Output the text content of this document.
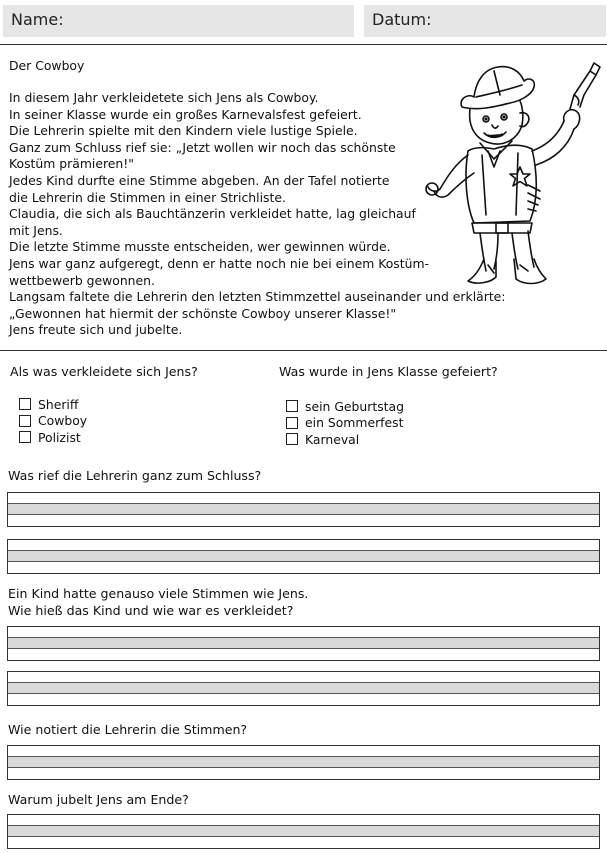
Name:	Datum:
Der Cowboy
In diesem Jahr verkleidetete sich Jens als Cowboy.
In seiner Klasse wurde ein großes Karnevalsfest gefeiert.
Die Lehrerin spielte mit den Kindern viele lustige Spiele.
Ganz zum Schluss rief sie: „Jetzt wollen wir noch das schönste
Kostüm prämieren!"
Jedes Kind durfte eine Stimme abgeben. An der Tafel notierte
die Lehrerin die Stimmen in einer Strichliste.
Claudia, die sich als Bauchtänzerin verkleidet hatte, lag gleichauf
mit Jens.
Die letzte Stimme musste entscheiden, wer gewinnen würde.
Jens war ganz aufgeregt, denn er hatte noch nie bei einem Kostüm-
wettbewerb gewonnen.
Langsam faltete die Lehrerin den letzten Stimmzettel auseinander und erklärte:
„Gewonnen hat hiermit der schönste Cowboy unserer Klasse!"
Jens freute sich und jubelte.
Als was verkleidete sich Jens?
Sheriff
Cowboy
Polizist
Was wurde in Jens Klasse gefeiert?
sein Geburtstag
ein Sommerfest
Karneval
Was rief die Lehrerin ganz zum Schluss?
Ein Kind hatte genauso viele Stimmen wie Jens.
Wie hieß das Kind und wie war es verkleidet?
Wie notiert die Lehrerin die Stimmen?
Warum jubelt Jens am Ende?
